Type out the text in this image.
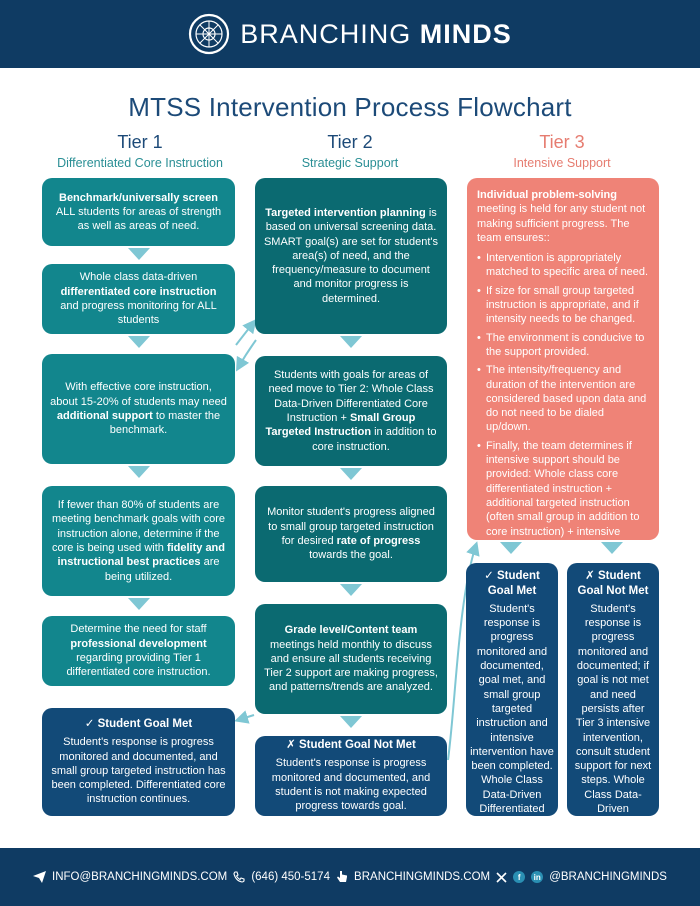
BRANCHING MINDS
MTSS Intervention Process Flowchart
Tier 1
Differentiated Core Instruction
Tier 2
Strategic Support
Tier 3
Intensive Support
Benchmark/universally screen ALL students for areas of strength as well as areas of need.
Whole class data-driven differentiated core instruction and progress monitoring for ALL students
With effective core instruction, about 15-20% of students may need additional support to master the benchmark.
If fewer than 80% of students are meeting benchmark goals with core instruction alone, determine if the core is being used with fidelity and instructional best practices are being utilized.
Determine the need for staff professional development regarding providing Tier 1 differentiated core instruction.
✓ Student Goal Met
Student's response is progress monitored and documented, and small group targeted instruction has been completed. Differentiated core instruction continues.
Targeted intervention planning is based on universal screening data. SMART goal(s) are set for student's area(s) of need, and the frequency/measure to document and monitor progress is determined.
Students with goals for areas of need move to Tier 2: Whole Class Data-Driven Differentiated Core Instruction + Small Group Targeted Instruction in addition to core instruction.
Monitor student's progress aligned to small group targeted instruction for desired rate of progress towards the goal.
Grade level/Content team meetings held monthly to discuss and ensure all students receiving Tier 2 support are making progress, and patterns/trends are analyzed.
✗ Student Goal Not Met
Student's response is progress monitored and documented, and student is not making expected progress towards goal.
Individual problem-solving meeting is held for any student not making sufficient progress. The team ensures::
• Intervention is appropriately matched to specific area of need.
• If size for small group targeted instruction is appropriate, and if intensity needs to be changed.
• The environment is conducive to the support provided.
• The intensity/frequency and duration of the intervention are considered based upon data and do not need to be dialed up/down.
• Finally, the team determines if intensive support should be provided: Whole class core differentiated instruction + additional targeted instruction (often small group in addition to core instruction) + intensive support.
✓ Student Goal Met
Student's response is progress monitored and documented, goal met, and small group targeted instruction and intensive intervention have been completed. Whole Class Data-Driven Differentiated Core Instruction continues.
✗ Student Goal Not Met
Student's response is progress monitored and documented; if goal is not met and need persists after Tier 3 intensive intervention, consult student support for next steps. Whole Class Data-Driven Differentiated Core Instruction
INFO@BRANCHINGMINDS.COM (646) 450-5174 BRANCHINGMINDS.COM	f	in @BRANCHINGMINDS
